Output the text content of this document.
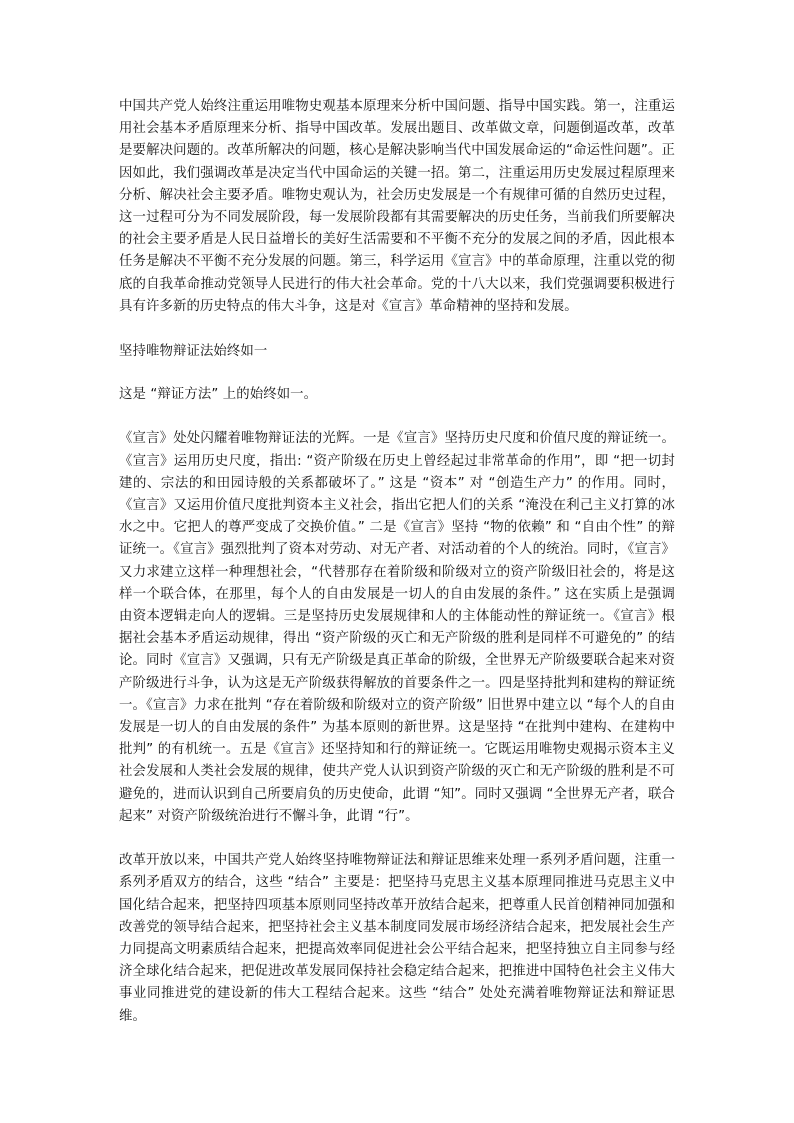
中国共产党人始终注重运用唯物史观基本原理来分析中国问题、指导中国实践。第一，注重运用社会基本矛盾原理来分析、指导中国改革。发展出题目、改革做文章，问题倒逼改革，改革是要解决问题的。改革所解决的问题，核心是解决影响当代中国发展命运的“命运性问题”。正因如此，我们强调改革是决定当代中国命运的关键一招。第二，注重运用历史发展过程原理来分析、解决社会主要矛盾。唯物史观认为，社会历史发展是一个有规律可循的自然历史过程，这一过程可分为不同发展阶段，每一发展阶段都有其需要解决的历史任务，当前我们所要解决的社会主要矛盾是人民日益增长的美好生活需要和不平衡不充分的发展之间的矛盾，因此根本任务是解决不平衡不充分发展的问题。第三，科学运用《宣言》中的革命原理，注重以党的彻底的自我革命推动党领导人民进行的伟大社会革命。党的十八大以来，我们党强调要积极进行具有许多新的历史特点的伟大斗争，这是对《宣言》革命精神的坚持和发展。

坚持唯物辩证法始终如一

这是 “辩证方法” 上的始终如一。

《宣言》处处闪耀着唯物辩证法的光辉。一是《宣言》坚持历史尺度和价值尺度的辩证统一。《宣言》运用历史尺度，指出: “资产阶级在历史上曾经起过非常革命的作用”，即 “把一切封建的、宗法的和田园诗般的关系都破坏了。” 这是 “资本” 对 “创造生产力” 的作用。同时，《宣言》又运用价值尺度批判资本主义社会，指出它把人们的关系 “淹没在利己主义打算的冰水之中。它把人的尊严变成了交换价值。” 二是《宣言》坚持 “物的依赖” 和 “自由个性” 的辩证统一。《宣言》强烈批判了资本对劳动、对无产者、对活动着的个人的统治。同时，《宣言》又力求建立这样一种理想社会，“代替那存在着阶级和阶级对立的资产阶级旧社会的，将是这样一个联合体，在那里，每个人的自由发展是一切人的自由发展的条件。” 这在实质上是强调由资本逻辑走向人的逻辑。三是坚持历史发展规律和人的主体能动性的辩证统一。《宣言》根据社会基本矛盾运动规律，得出 “资产阶级的灭亡和无产阶级的胜利是同样不可避免的” 的结论。同时《宣言》又强调，只有无产阶级是真正革命的阶级，全世界无产阶级要联合起来对资产阶级进行斗争，认为这是无产阶级获得解放的首要条件之一。四是坚持批判和建构的辩证统一。《宣言》力求在批判 “存在着阶级和阶级对立的资产阶级” 旧世界中建立以 “每个人的自由发展是一切人的自由发展的条件” 为基本原则的新世界。这是坚持 “在批判中建构、在建构中批判” 的有机统一。五是《宣言》还坚持知和行的辩证统一。它既运用唯物史观揭示资本主义社会发展和人类社会发展的规律，使共产党人认识到资产阶级的灭亡和无产阶级的胜利是不可避免的，进而认识到自己所要肩负的历史使命，此谓 “知”。同时又强调 “全世界无产者，联合起来” 对资产阶级统治进行不懈斗争，此谓 “行”。

改革开放以来，中国共产党人始终坚持唯物辩证法和辩证思维来处理一系列矛盾问题，注重一系列矛盾双方的结合，这些 “结合” 主要是：把坚持马克思主义基本原理同推进马克思主义中国化结合起来，把坚持四项基本原则同坚持改革开放结合起来，把尊重人民首创精神同加强和改善党的领导结合起来，把坚持社会主义基本制度同发展市场经济结合起来，把发展社会生产力同提高文明素质结合起来，把提高效率同促进社会公平结合起来，把坚持独立自主同参与经济全球化结合起来，把促进改革发展同保持社会稳定结合起来，把推进中国特色社会主义伟大事业同推进党的建设新的伟大工程结合起来。这些 “结合” 处处充满着唯物辩证法和辩证思维。
